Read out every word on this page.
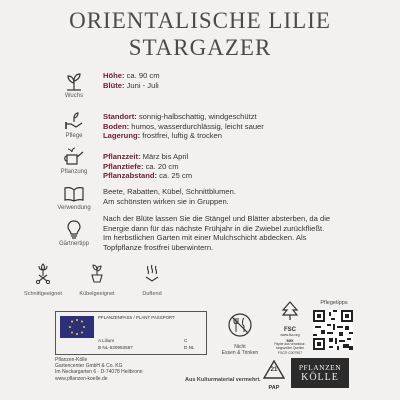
ORIENTALISCHE LILIE
STARGAZER
Wuchs
Höhe: ca. 90 cm
Blüte: Juni - Juli
Pflege
Standort: sonnig-halbschattig, windgeschützt
Boden: humos, wasserdurchlässig, leicht sauer
Lagerung: frostfrei, luftig & trocken
Pflanzung
Pflanzzeit: März bis April
Pflanztiefe: ca. 20 cm
Pflanzabstand: ca. 25 cm
Verwendung
Beete, Rabatten, Kübel, Schnittblumen.
Am schönsten wirken sie in Gruppen.
Gärtnertipp
Nach der Blüte lassen Sie die Stängel und Blätter absterben, da die
Energie dann für das nächste Frühjahr in die Zwiebel zurückfließt.
Im herbstlichen Garten mit einer Mulchschicht abdecken. Als
Topfpflanze frostfrei überwintern.
Schnittgeeignet	Kübelgeeignet	Duftend
PFLANZENPASS / PLANT PASSPORT
A Lilium
B NL-530953587
C
D NL	Nicht
Essen & Trinken
FSC
www.fsc.org
MIX
Papier aus verantwor-
tungsvollen Quellen
FSC® C007907
Pflegetipps
Pflanzen-Kölle
Gartencenter GmbH & Co. KG
Im Neckargarten 6 · D-74078 Heilbronn
www.pflanzen-koelle.de	Aus Kulturmaterial vermehrt.
21
PAP
PFLANZEN
KÖLLE
